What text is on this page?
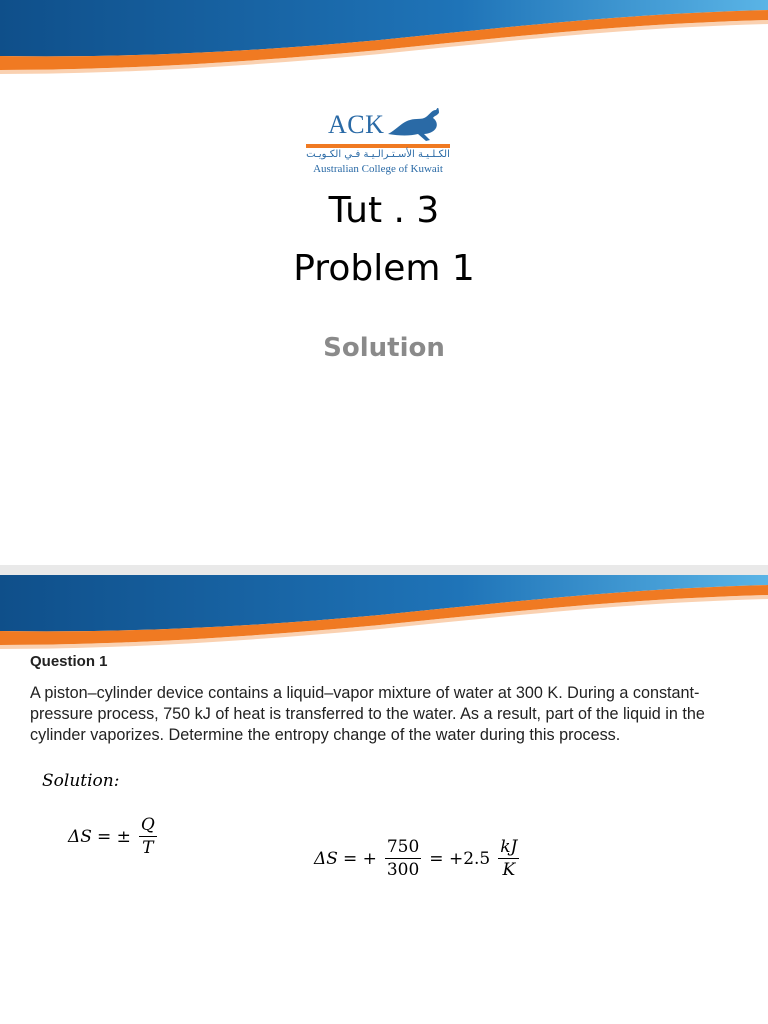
ACK
الكـلـيـة الأسـتـرالـيـة فـي الكـويـت
Australian College of Kuwait
Tut . 3
Problem 1
Solution
Question 1
A piston–cylinder device contains a liquid–vapor mixture of water at 300 K. During a constant-pressure process, 750 kJ of heat is transferred to the water. As a result, part of the liquid in the cylinder vaporizes. Determine the entropy change of the water during this process.
Solution:
ΔS = ± $\frac{Q}{T}$
ΔS = + $\frac{750}{300} = +2.5 \frac{kJ}{K}$
